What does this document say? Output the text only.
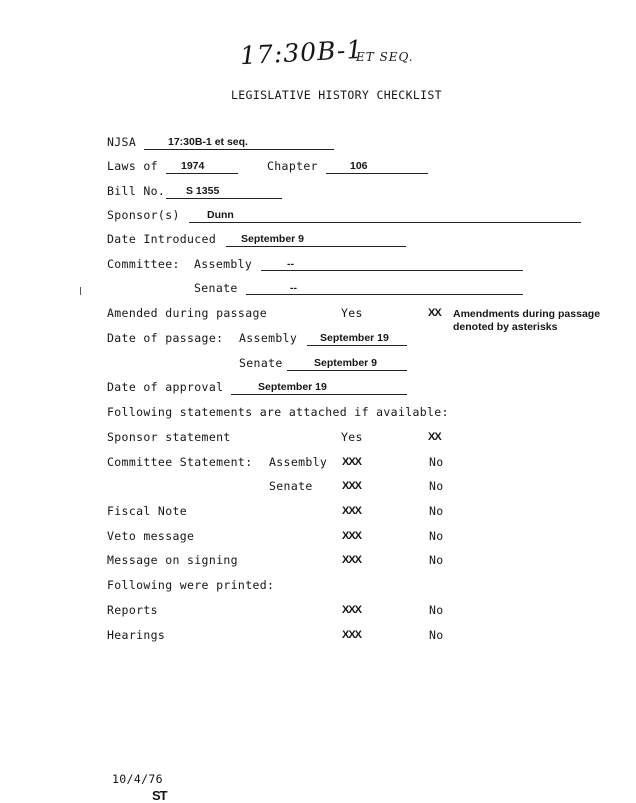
17:30B-1
ET SEQ.
LEGISLATIVE HISTORY CHECKLIST
NJSA	17:30B-1 et seq.
Laws of 1974	Chapter	106
Bill No. S 1355
Sponsor(s)	Dunn
Date Introduced September 9
Committee: Assembly	--
Senate	--
Amended during passage	Yes	XX Amendments during passage
denoted by asterisks
Date of passage: Assembly September 19
Senate	September 9
Date of approval	September 19
Following statements are attached if available:
Sponsor statement	Yes	XX
Committee Statement: Assembly XXX	No
Senate	XXX	No
Fiscal Note	XXX	No
Veto message	XXX	No
Message on signing	XXX	No
Following were printed:
Reports	XXX	No
Hearings	XXX	No
10/4/76
ST
